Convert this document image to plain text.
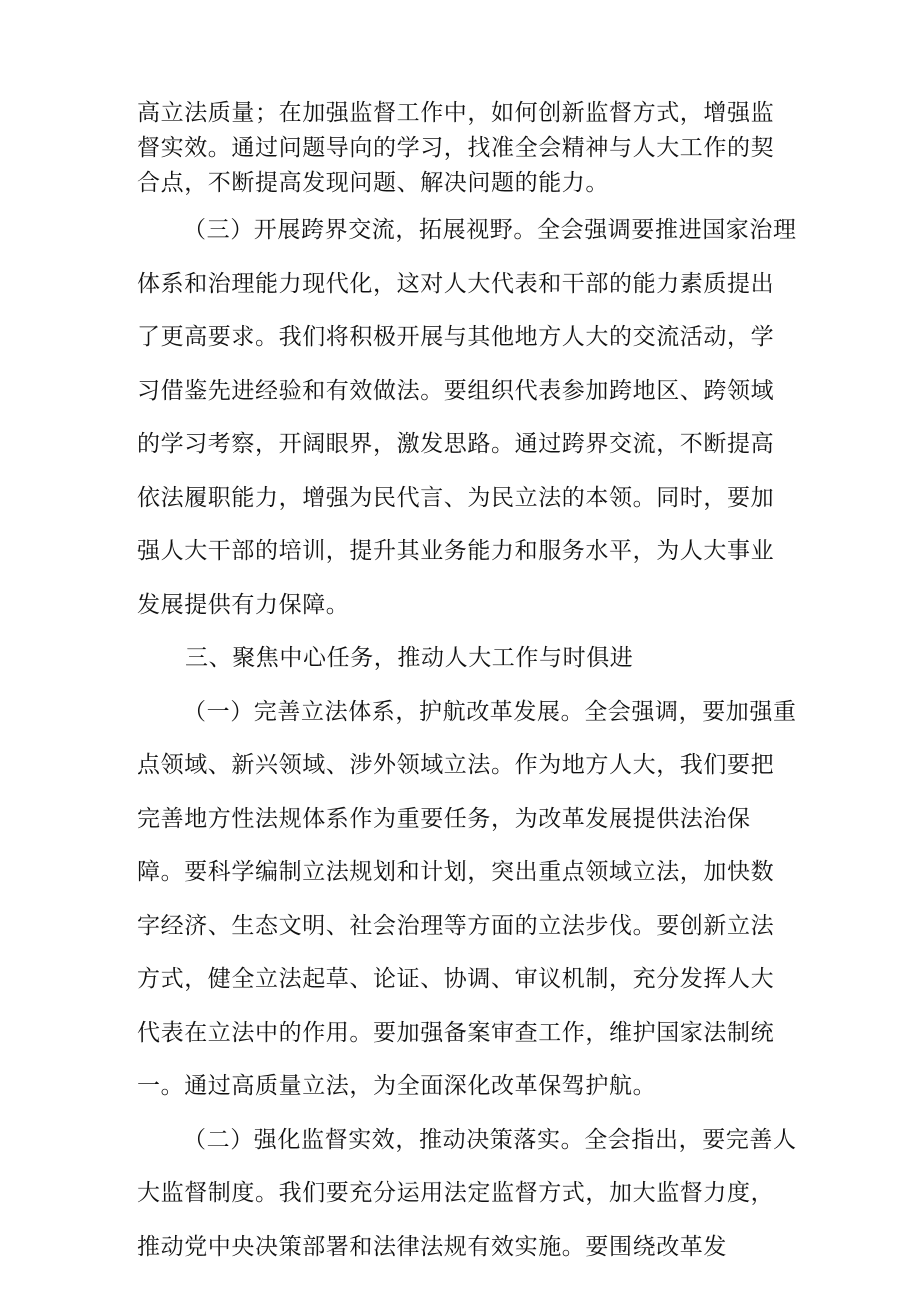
高立法质量；在加强监督工作中，如何创新监督方式，增强监督实效。通过问题导向的学习，找准全会精神与人大工作的契合点，不断提高发现问题、解决问题的能力。

（三）开展跨界交流，拓展视野。全会强调要推进国家治理体系和治理能力现代化，这对人大代表和干部的能力素质提出了更高要求。我们将积极开展与其他地方人大的交流活动，学习借鉴先进经验和有效做法。要组织代表参加跨地区、跨领域的学习考察，开阔眼界，激发思路。通过跨界交流，不断提高依法履职能力，增强为民代言、为民立法的本领。同时，要加强人大干部的培训，提升其业务能力和服务水平，为人大事业发展提供有力保障。

三、聚焦中心任务，推动人大工作与时俱进

（一）完善立法体系，护航改革发展。全会强调，要加强重点领域、新兴领域、涉外领域立法。作为地方人大，我们要把完善地方性法规体系作为重要任务，为改革发展提供法治保障。要科学编制立法规划和计划，突出重点领域立法，加快数字经济、生态文明、社会治理等方面的立法步伐。要创新立法方式，健全立法起草、论证、协调、审议机制，充分发挥人大代表在立法中的作用。要加强备案审查工作，维护国家法制统一。通过高质量立法，为全面深化改革保驾护航。

（二）强化监督实效，推动决策落实。全会指出，要完善人大监督制度。我们要充分运用法定监督方式，加大监督力度，推动党中央决策部署和法律法规有效实施。要围绕改革发
